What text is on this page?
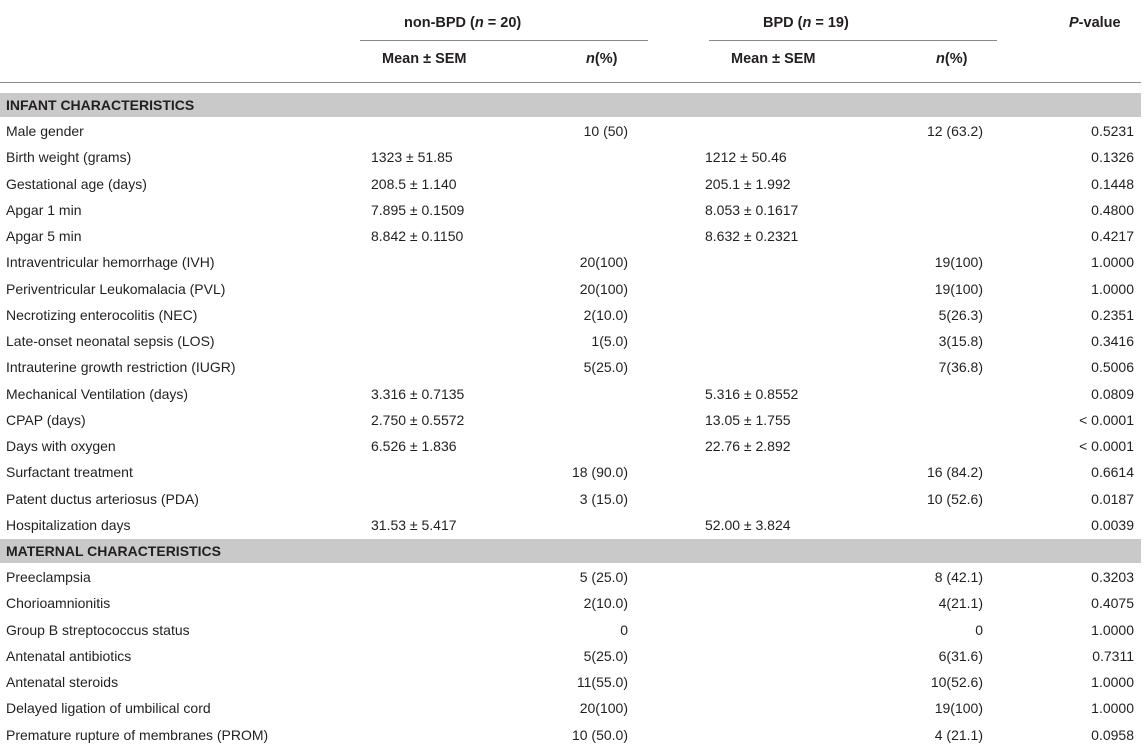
non-BPD (n = 20)	BPD (n = 19)	P-value
Mean ± SEM	n(%)	Mean ± SEM	n(%)
INFANT CHARACTERISTICS
Male gender	10 (50)	12 (63.2)	0.5231
Birth weight (grams)	1323 ± 51.85	1212 ± 50.46	0.1326
Gestational age (days)	208.5 ± 1.140	205.1 ± 1.992	0.1448
Apgar 1 min	7.895 ± 0.1509	8.053 ± 0.1617	0.4800
Apgar 5 min	8.842 ± 0.1150	8.632 ± 0.2321	0.4217
Intraventricular hemorrhage (IVH)	20(100)	19(100)	1.0000
Periventricular Leukomalacia (PVL)	20(100)	19(100)	1.0000
Necrotizing enterocolitis (NEC)	2(10.0)	5(26.3)	0.2351
Late-onset neonatal sepsis (LOS)	1(5.0)	3(15.8)	0.3416
Intrauterine growth restriction (IUGR)	5(25.0)	7(36.8)	0.5006
Mechanical Ventilation (days)	3.316 ± 0.7135	5.316 ± 0.8552	0.0809
CPAP (days)	2.750 ± 0.5572	13.05 ± 1.755	< 0.0001
Days with oxygen	6.526 ± 1.836	22.76 ± 2.892	< 0.0001
Surfactant treatment	18 (90.0)	16 (84.2)	0.6614
Patent ductus arteriosus (PDA)	3 (15.0)	10 (52.6)	0.0187
Hospitalization days	31.53 ± 5.417	52.00 ± 3.824	0.0039
MATERNAL CHARACTERISTICS
Preeclampsia	5 (25.0)	8 (42.1)	0.3203
Chorioamnionitis	2(10.0)	4(21.1)	0.4075
Group B streptococcus status	0	0	1.0000
Antenatal antibiotics	5(25.0)	6(31.6)	0.7311
Antenatal steroids	11(55.0)	10(52.6)	1.0000
Delayed ligation of umbilical cord	20(100)	19(100)	1.0000
Premature rupture of membranes (PROM)	10 (50.0)	4 (21.1)	0.0958
